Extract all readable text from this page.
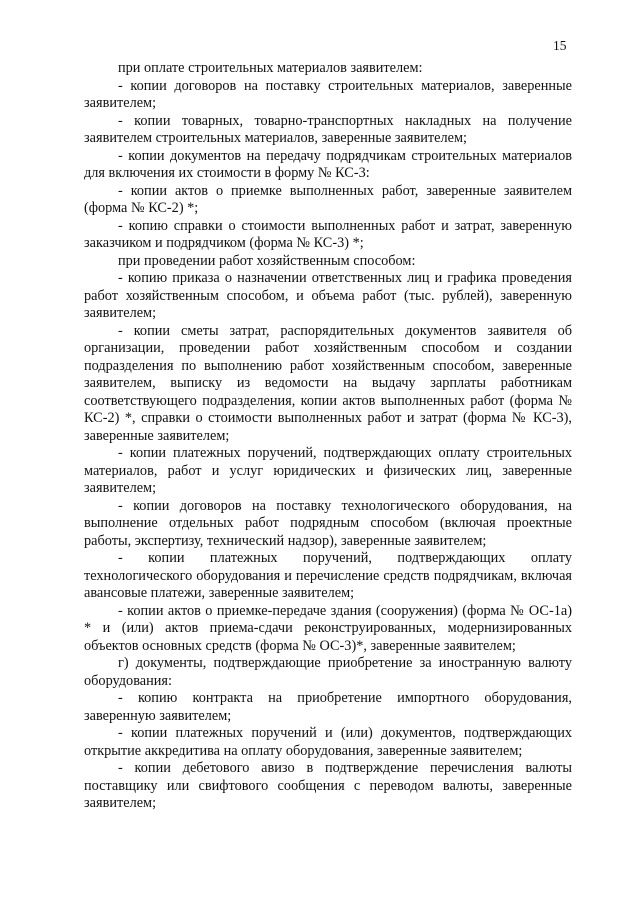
15

при оплате строительных материалов заявителем:

- копии договоров на поставку строительных материалов, заверенные заявителем;

- копии товарных, товарно-транспортных накладных на получение заявителем строительных материалов, заверенные заявителем;

- копии документов на передачу подрядчикам строительных материалов для включения их стоимости в форму № КС-3:

- копии актов о приемке выполненных работ, заверенные заявителем (форма № КС-2) *;

- копию справки о стоимости выполненных работ и затрат, заверенную заказчиком и подрядчиком (форма № КС-3) *;

при проведении работ хозяйственным способом:

- копию приказа о назначении ответственных лиц и графика проведения работ хозяйственным способом, и объема работ (тыс. рублей), заверенную заявителем;

- копии сметы затрат, распорядительных документов заявителя об организации, проведении работ хозяйственным способом и создании подразделения по выполнению работ хозяйственным способом, заверенные заявителем, выписку из ведомости на выдачу зарплаты работникам соответствующего подразделения, копии актов выполненных работ (форма № КС-2) *, справки о стоимости выполненных работ и затрат (форма № КС-3), заверенные заявителем;

- копии платежных поручений, подтверждающих оплату строительных материалов, работ и услуг юридических и физических лиц, заверенные заявителем;

- копии договоров на поставку технологического оборудования, на выполнение отдельных работ подрядным способом (включая проектные работы, экспертизу, технический надзор), заверенные заявителем;

- копии платежных поручений, подтверждающих оплату технологического оборудования и перечисление средств подрядчикам, включая авансовые платежи, заверенные заявителем;

- копии актов о приемке-передаче здания (сооружения) (форма № ОС-1а) * и (или) актов приема-сдачи реконструированных, модернизированных объектов основных средств (форма № ОС-3)*, заверенные заявителем;

г) документы, подтверждающие приобретение за иностранную валюту оборудования:

- копию контракта на приобретение импортного оборудования, заверенную заявителем;

- копии платежных поручений и (или) документов, подтверждающих открытие аккредитива на оплату оборудования, заверенные заявителем;

- копии дебетового авизо в подтверждение перечисления валюты поставщику или свифтового сообщения с переводом валюты, заверенные заявителем;
